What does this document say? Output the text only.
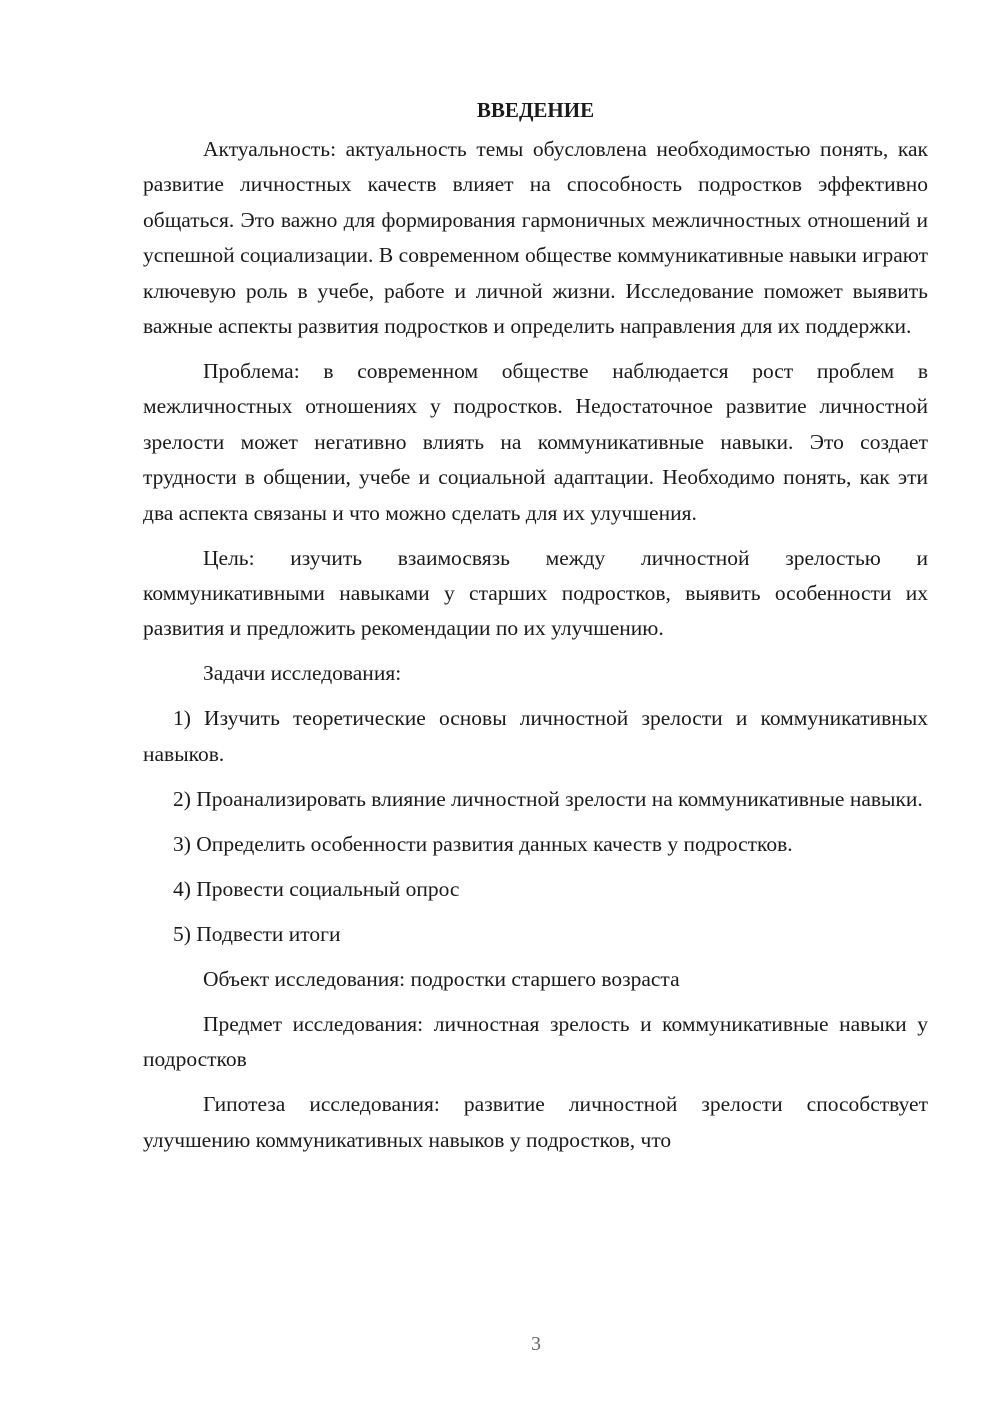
ВВЕДЕНИЕ

Актуальность: актуальность темы обусловлена необходимостью понять, как развитие личностных качеств влияет на способность подростков эффективно общаться. Это важно для формирования гармоничных межличностных отношений и успешной социализации. В современном обществе коммуникативные навыки играют ключевую роль в учебе, работе и личной жизни. Исследование поможет выявить важные аспекты развития подростков и определить направления для их поддержки.

Проблема: в современном обществе наблюдается рост проблем в межличностных отношениях у подростков. Недостаточное развитие личностной зрелости может негативно влиять на коммуникативные навыки. Это создает трудности в общении, учебе и социальной адаптации. Необходимо понять, как эти два аспекта связаны и что можно сделать для их улучшения.

Цель: изучить взаимосвязь между личностной зрелостью и коммуникативными навыками у старших подростков, выявить особенности их развития и предложить рекомендации по их улучшению.

Задачи исследования:

1) Изучить теоретические основы личностной зрелости и коммуникативных навыков.

2) Проанализировать влияние личностной зрелости на коммуникативные навыки.

3) Определить особенности развития данных качеств у подростков.

4) Провести социальный опрос

5) Подвести итоги

Объект исследования: подростки старшего возраста

Предмет исследования: личностная зрелость и коммуникативные навыки у подростков

Гипотеза исследования: развитие личностной зрелости способствует улучшению коммуникативных навыков у подростков, что

3
